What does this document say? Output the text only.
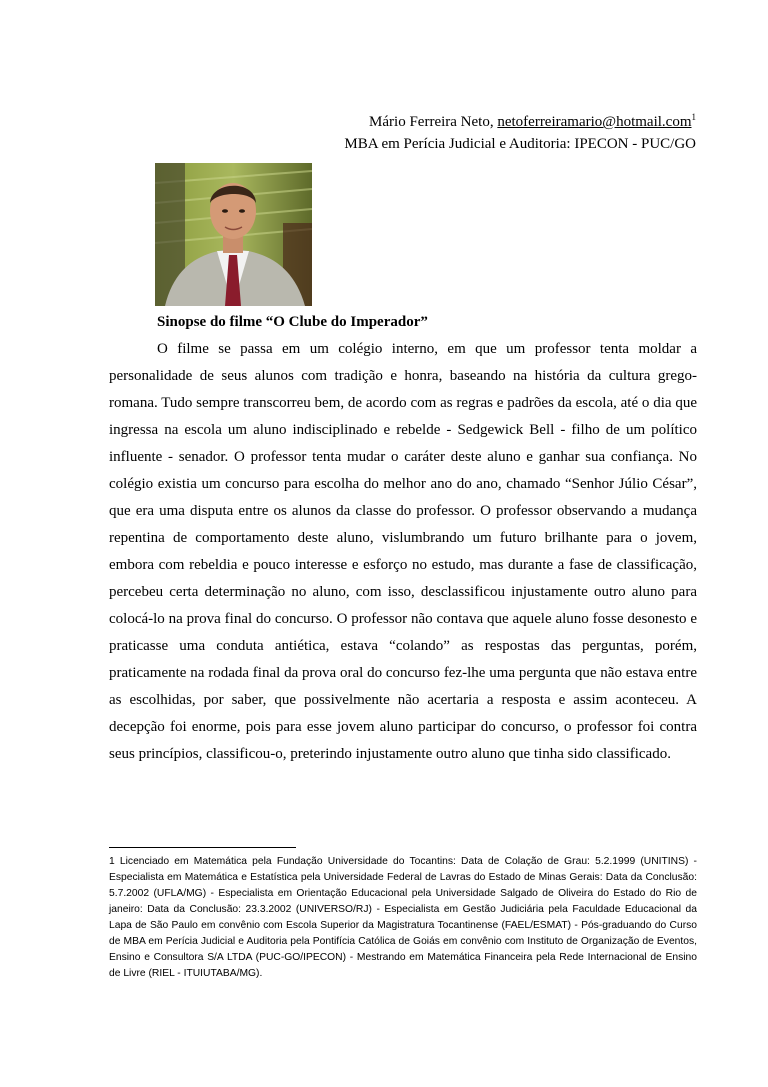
Mário Ferreira Neto, netoferreiramario@hotmail.com$^1$
MBA em Perícia Judicial e Auditoria: IPECON - PUC/GO
Sinopse do filme “O Clube do Imperador”

O filme se passa em um colégio interno, em que um professor tenta moldar a personalidade de seus alunos com tradição e honra, baseando na história da cultura grego-romana. Tudo sempre transcorreu bem, de acordo com as regras e padrões da escola, até o dia que ingressa na escola um aluno indisciplinado e rebelde - Sedgewick Bell - filho de um político influente - senador. O professor tenta mudar o caráter deste aluno e ganhar sua confiança. No colégio existia um concurso para escolha do melhor ano do ano, chamado “Senhor Júlio César”, que era uma disputa entre os alunos da classe do professor. O professor observando a mudança repentina de comportamento deste aluno, vislumbrando um futuro brilhante para o jovem, embora com rebeldia e pouco interesse e esforço no estudo, mas durante a fase de classificação, percebeu certa determinação no aluno, com isso, desclassificou injustamente outro aluno para colocá-lo na prova final do concurso. O professor não contava que aquele aluno fosse desonesto e praticasse uma conduta antiética, estava “colando” as respostas das perguntas, porém, praticamente na rodada final da prova oral do concurso fez-lhe uma pergunta que não estava entre as escolhidas, por saber, que possivelmente não acertaria a resposta e assim aconteceu. A decepção foi enorme, pois para esse jovem aluno participar do concurso, o professor foi contra seus princípios, classificou-o, preterindo injustamente outro aluno que tinha sido classificado.

1 Licenciado em Matemática pela Fundação Universidade do Tocantins: Data de Colação de Grau: 5.2.1999 (UNITINS) - Especialista em Matemática e Estatística pela Universidade Federal de Lavras do Estado de Minas Gerais: Data da Conclusão: 5.7.2002 (UFLA/MG) - Especialista em Orientação Educacional pela Universidade Salgado de Oliveira do Estado do Rio de janeiro: Data da Conclusão: 23.3.2002 (UNIVERSO/RJ) - Especialista em Gestão Judiciária pela Faculdade Educacional da Lapa de São Paulo em convênio com Escola Superior da Magistratura Tocantinense (FAEL/ESMAT) - Pós-graduando do Curso de MBA em Perícia Judicial e Auditoria pela Pontifícia Católica de Goiás em convênio com Instituto de Organização de Eventos, Ensino e Consultora S/A LTDA (PUC-GO/IPECON) - Mestrando em Matemática Financeira pela Rede Internacional de Ensino de Livre (RIEL - ITUIUTABA/MG).
